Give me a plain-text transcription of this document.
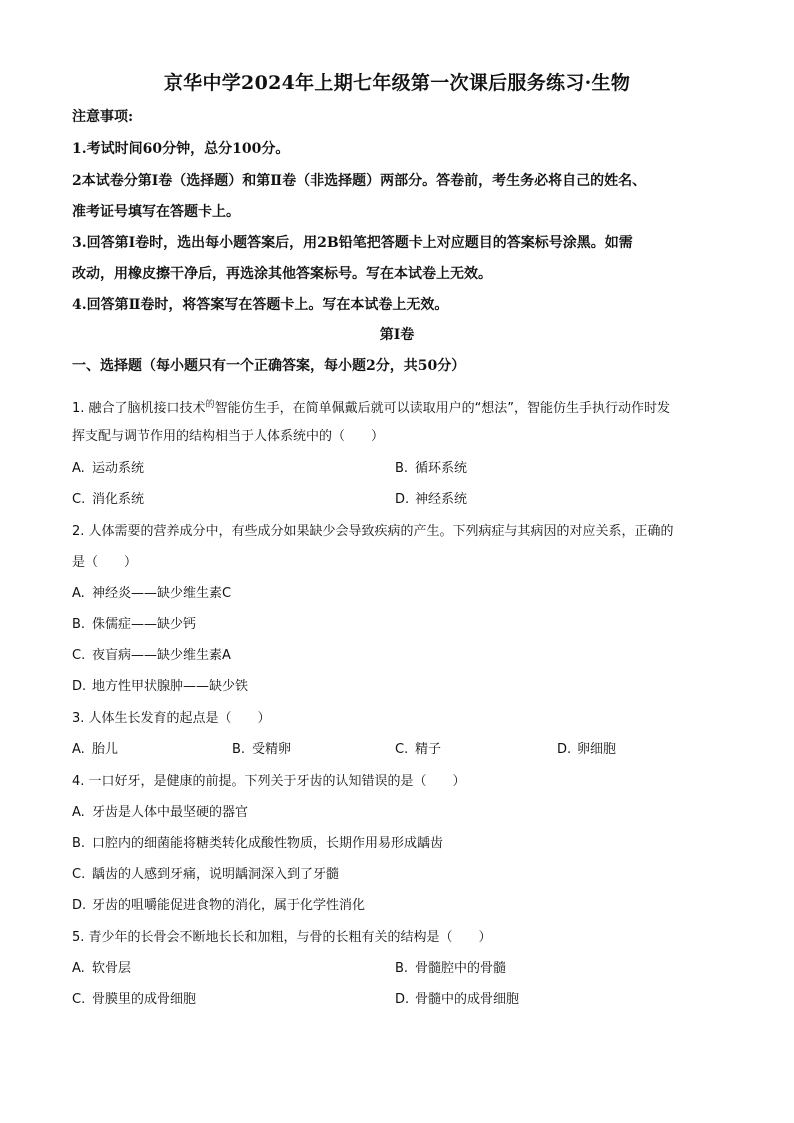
京华中学2024年上期七年级第一次课后服务练习·生物
注意事项:
1.考试时间60分钟，总分100分。
2本试卷分第Ⅰ卷（选择题）和第Ⅱ卷（非选择题）两部分。答卷前，考生务必将自己的姓名、
准考证号填写在答题卡上。
3.回答第Ⅰ卷时，选出每小题答案后，用2B铅笔把答题卡上对应题目的答案标号涂黑。如需
改动，用橡皮擦干净后，再选涂其他答案标号。写在本试卷上无效。
4.回答第Ⅱ卷时，将答案写在答题卡上。写在本试卷上无效。
第Ⅰ卷
一、选择题（每小题只有一个正确答案，每小题2分，共50分）
1. 融合了脑机接口技术$^的$智能仿生手，在简单佩戴后就可以读取用户的“想法”，智能仿生手执行动作时发
挥支配与调节作用的结构相当于人体系统中的（　　）
A. 运动系统	B. 循环系统
C. 消化系统	D. 神经系统
2. 人体需要的营养成分中，有些成分如果缺少会导致疾病的产生。下列病症与其病因的对应关系，正确的
是（　　）
A. 神经炎——缺少维生素C
B. 侏儒症——缺少钙
C. 夜盲病——缺少维生素A
D. 地方性甲状腺肿——缺少铁
3. 人体生长发育的起点是（　　）
A. 胎儿	B. 受精卵	C. 精子	D. 卵细胞
4. 一口好牙，是健康的前提。下列关于牙齿的认知错误的是（　　）
A. 牙齿是人体中最坚硬的器官
B. 口腔内的细菌能将糖类转化成酸性物质，长期作用易形成龋齿
C. 龋齿的人感到牙痛，说明龋洞深入到了牙髓
D. 牙齿的咀嚼能促进食物的消化，属于化学性消化
5. 青少年的长骨会不断地长长和加粗，与骨的长粗有关的结构是（　　）
A. 软骨层	B. 骨髓腔中的骨髓
C. 骨膜里的成骨细胞	D. 骨髓中的成骨细胞
